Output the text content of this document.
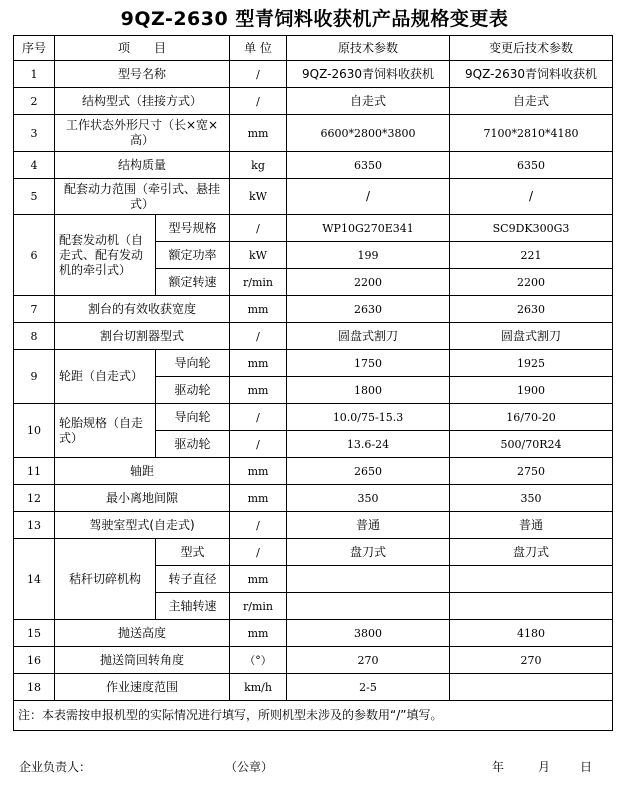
9QZ-2630 型青饲料收获机产品规格变更表
序号	项　　目		单 位	原技术参数	变更后技术参数
1	型号名称		/	9QZ-2630青饲料收获机	9QZ-2630青饲料收获机
2	结构型式（挂接方式）		/	自走式	自走式
3	工作状态外形尺寸（长×宽×高）		mm	6600*2800*3800	7100*2810*4180
4	结构质量		kg	6350	6350
5	配套动力范围（牵引式、悬挂式）		kW	/	/
6	配套发动机（自走式、配有发动机的牵引式）	型号规格	/	WP10G270E341	SC9DK300G3
		额定功率	kW	199	221
		额定转速	r/min	2200	2200
7	割台的有效收获宽度		mm	2630	2630
8	割台切割器型式		/	圆盘式割刀	圆盘式割刀
9	轮距（自走式）	导向轮	mm	1750	1925
		驱动轮	mm	1800	1900
10	轮胎规格（自走式）	导向轮	/	10.0/75-15.3	16/70-20
		驱动轮	/	13.6-24	500/70R24
11	轴距		mm	2650	2750
12	最小离地间隙		mm	350	350
13	驾驶室型式(自走式)		/	普通	普通
14	秸秆切碎机构	型式	/	盘刀式	盘刀式
		转子直径	mm		
		主轴转速	r/min		
15	抛送高度		mm	3800	4180
16	抛送筒回转角度		（°）	270	270
18	作业速度范围		km/h	2-5	
注：本表需按申报机型的实际情况进行填写，所则机型未涉及的参数用“/”填写。					
企业负责人：	（公章）	年	月 日
